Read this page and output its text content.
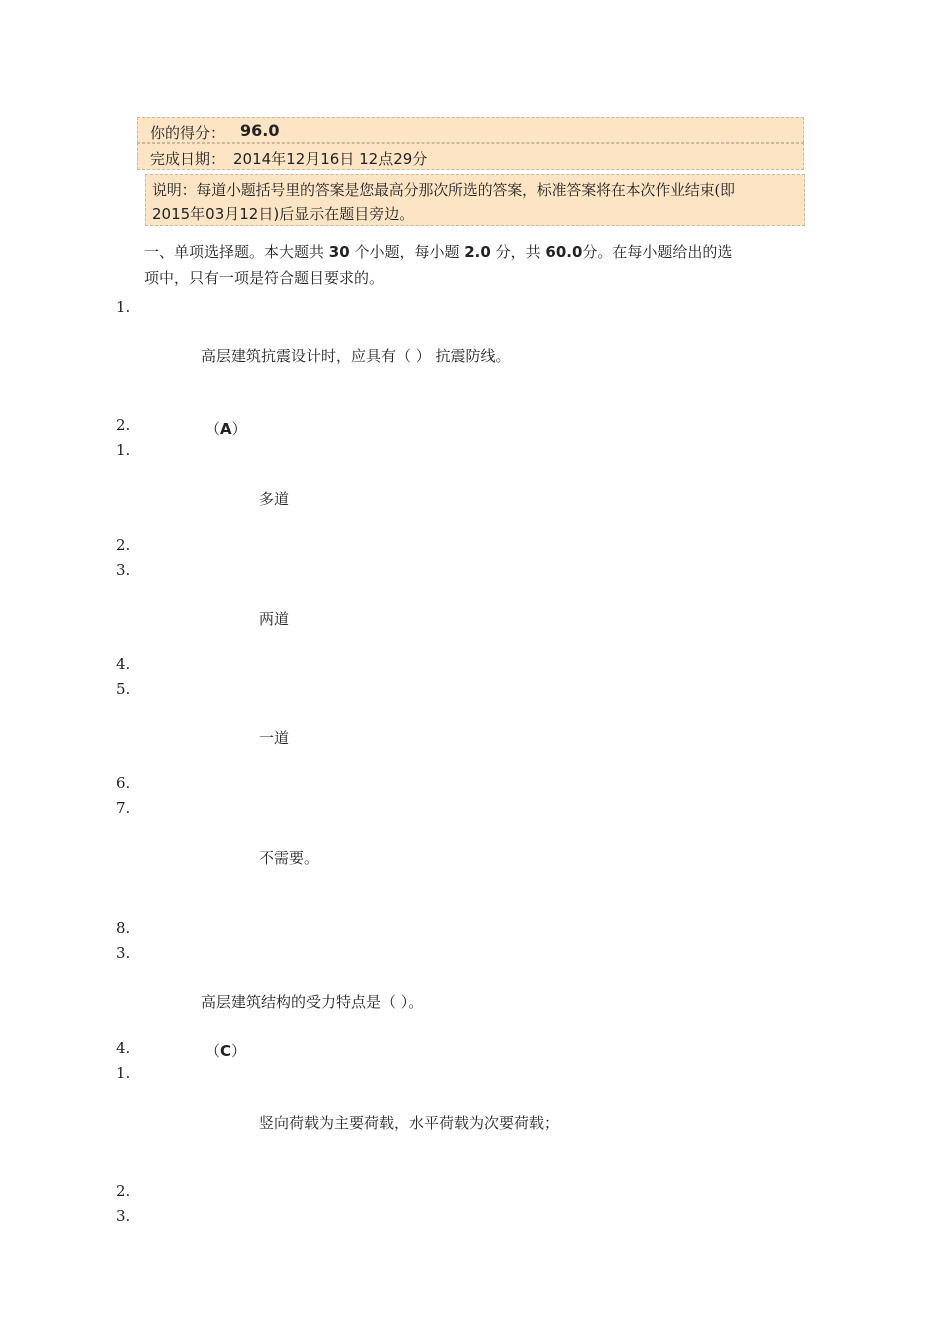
你的得分： 96.0
完成日期： 2014年12月16日 12点29分
说明：每道小题括号里的答案是您最高分那次所选的答案，标准答案将在本次作业结束(即
2015年03月12日)后显示在题目旁边。
一、单项选择题。本大题共 30 个小题，每小题 2.0 分，共 60.0分。在每小题给出的选
项中，只有一项是符合题目要求的。
1.
2.
1.
2.
3.
4.
5.
6.
7.
8.
3.
4.
1.
2.
3.
高层建筑抗震设计时，应具有（ ） 抗震防线。
（A）
多道
两道
一道
不需要。
高层建筑结构的受力特点是（ ）。
（C）
竖向荷载为主要荷载，水平荷载为次要荷载；
